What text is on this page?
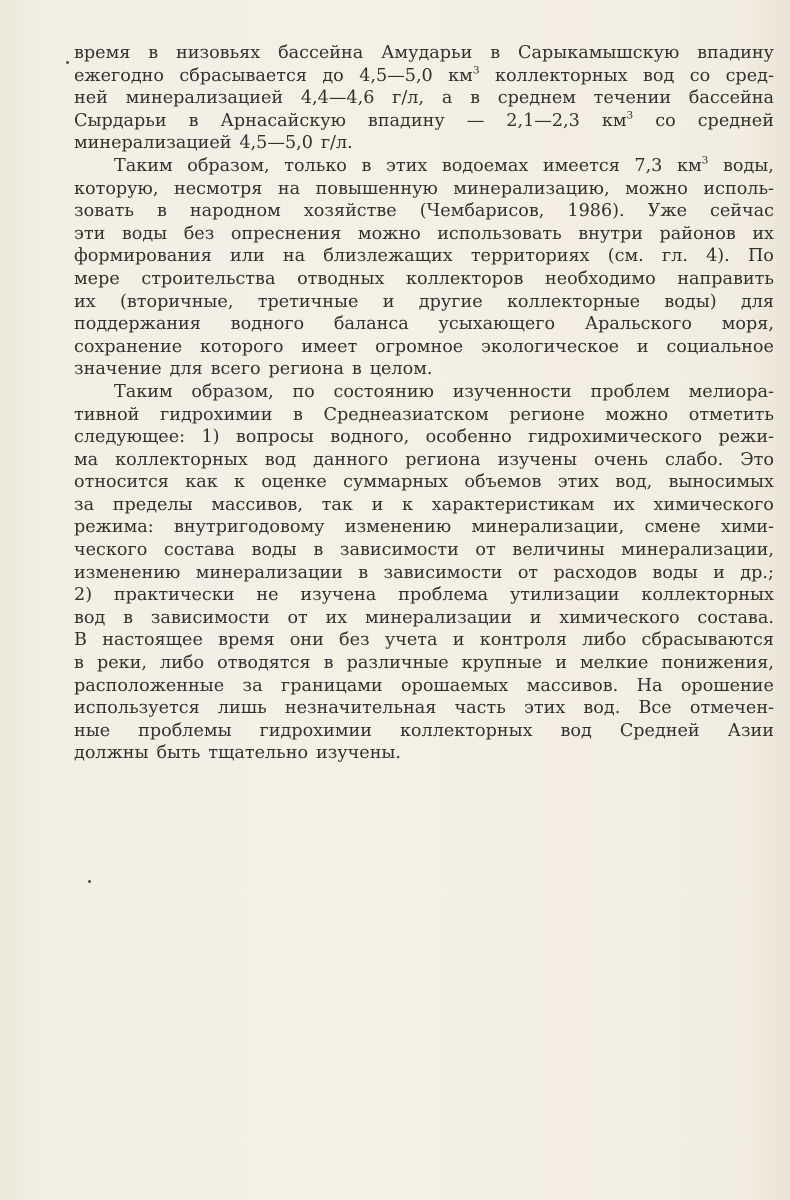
время в низовьях бассейна Амударьи в Сарыкамышскую впадину
ежегодно сбрасывается до 4,5—5,0 $км^3$ коллекторных вод со сред-
ней минерализацией 4,4—4,6 г/л, а в среднем течении бассейна
Сырдарьи в Арнасайскую впадину — 2,1—2,3 $км^3$ со средней
минерализацией 4,5—5,0 г/л.
Таким образом, только в этих водоемах имеется 7,3 $км^3$ воды,
которую, несмотря на повышенную минерализацию, можно исполь-
зовать в народном хозяйстве (Чембарисов, 1986). Уже сейчас
эти воды без опреснения можно использовать внутри районов их
формирования или на близлежащих территориях (см. гл. 4). По
мере строительства отводных коллекторов необходимо направить
их (вторичные, третичные и другие коллекторные воды) для
поддержания водного баланса усыхающего Аральского моря,
сохранение которого имеет огромное экологическое и социальное
значение для всего региона в целом.
Таким образом, по состоянию изученности проблем мелиора-
тивной гидрохимии в Среднеазиатском регионе можно отметить
следующее: 1) вопросы водного, особенно гидрохимического режи-
ма коллекторных вод данного региона изучены очень слабо. Это
относится как к оценке суммарных объемов этих вод, выносимых
за пределы массивов, так и к характеристикам их химического
режима: внутригодовому изменению минерализации, смене хими-
ческого состава воды в зависимости от величины минерализации,
изменению минерализации в зависимости от расходов воды и др.;
2) практически не изучена проблема утилизации коллекторных
вод в зависимости от их минерализации и химического состава.
В настоящее время они без учета и контроля либо сбрасываются
в реки, либо отводятся в различные крупные и мелкие понижения,
расположенные за границами орошаемых массивов. На орошение
используется лишь незначительная часть этих вод. Все отмечен-
ные проблемы гидрохимии коллекторных вод Средней Азии
должны быть тщательно изучены.
